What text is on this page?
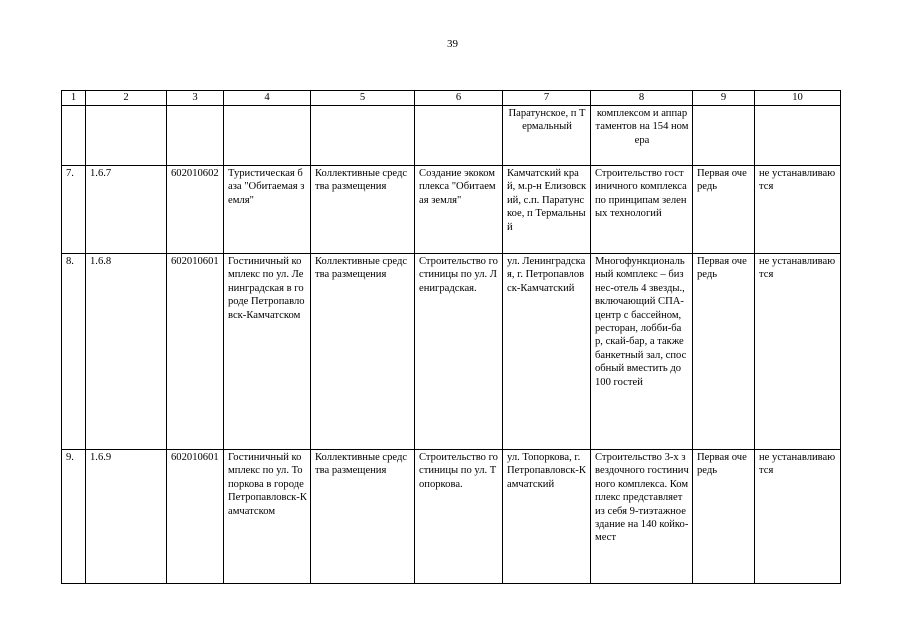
39
1	2	3	4	5	6	7	8	9	10
						Паратунское, п Термальный	комплексом и аппартаментов на 154 номера		
7.	1.6.7	602010602	Туристическая база "Обитаемая земля"	Коллективные средства размещения	Создание экокомплекса "Обитаемая земля"	Камчатский край, м.р-н Елизовский, с.п. Паратунское, п Термальный	Строительство гостиничного комплекса по принципам зеленых технологий	Первая очередь	не устанавливаются
8.	1.6.8	602010601	Гостиничный комплекс по ул. Ленинградская в городе Петропавловск-Камчатском	Коллективные средства размещения	Строительство гостиницы по ул. Лениградская.	ул. Ленинградская, г. Петропавловск-Камчатский	Многофункциональный комплекс – бизнес-отель 4 звезды., включающий СПА-центр с бассейном, ресторан, лобби-бар, скай-бар, а также банкетный зал, способный вместить до 100 гостей	Первая очередь	не устанавливаются
9.	1.6.9	602010601	Гостиничный комплекс по ул. Топоркова в городе Петропавловск-Камчатском	Коллективные средства размещения	Строительство гостиницы по ул. Топоркова.	ул. Топоркова, г. Петропавловск-Камчатский	Строительство 3-х звездочного гостиничного комплекса. Комплекс представляет из себя 9-тиэтажное здание на 140 койко-мест	Первая очередь	не устанавливаются
